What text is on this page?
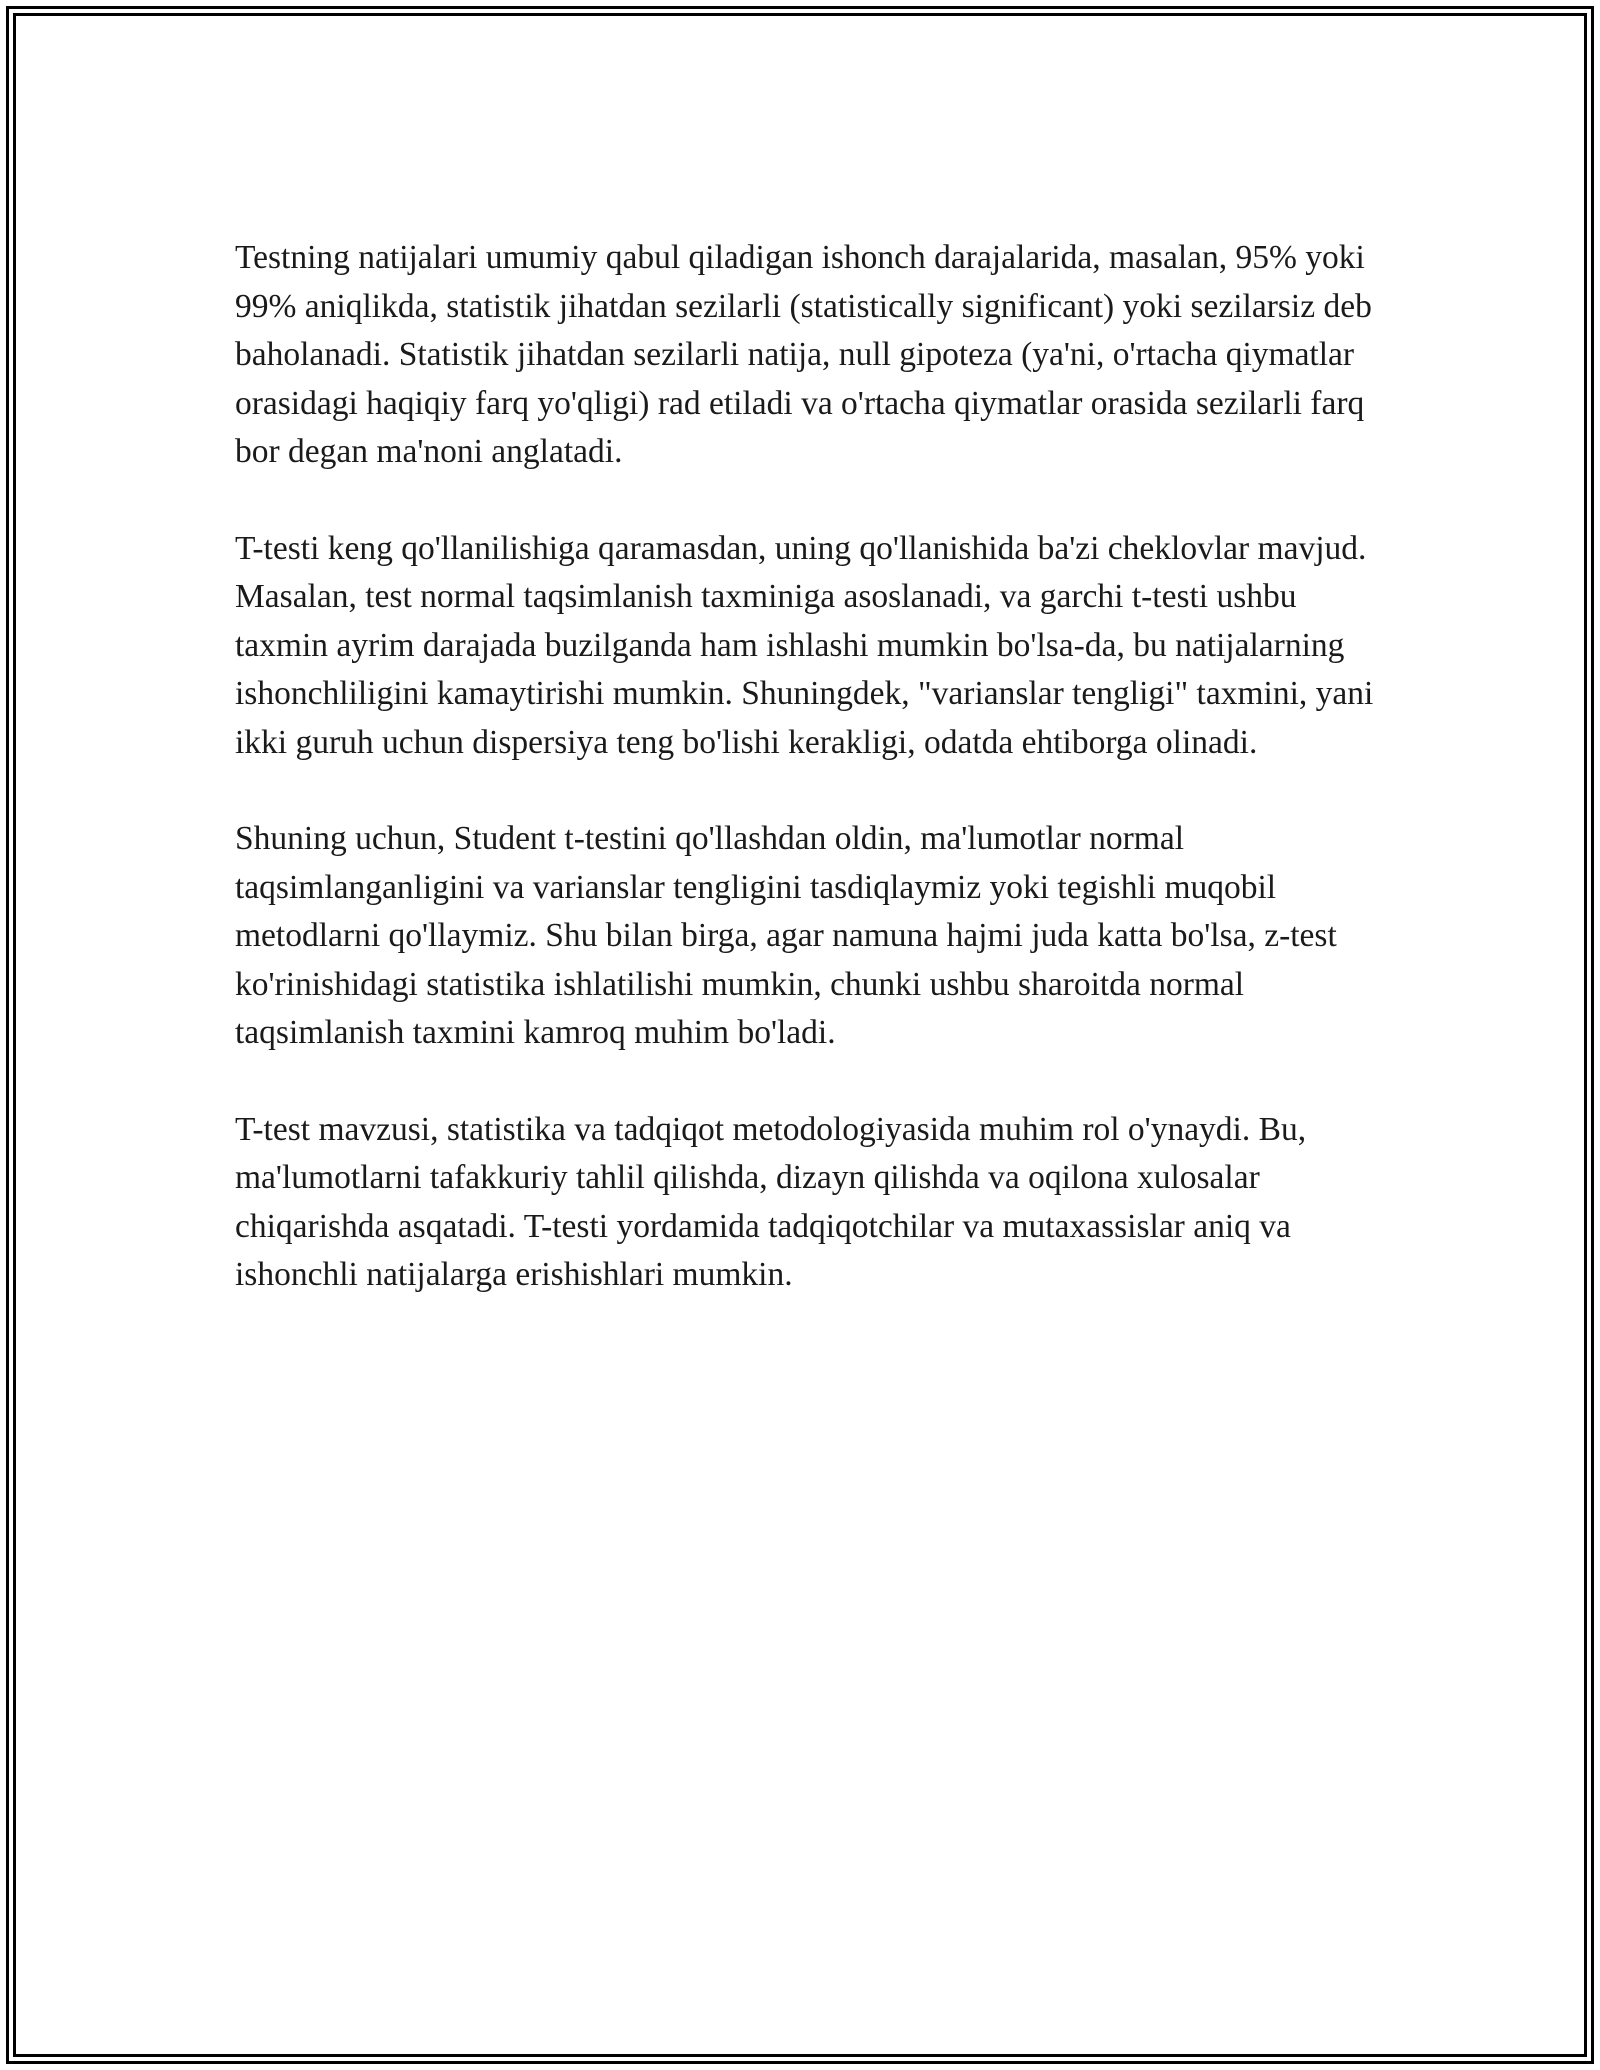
Testning natijalari umumiy qabul qiladigan ishonch darajalarida, masalan, 95% yoki 99% aniqlikda, statistik jihatdan sezilarli (statistically significant) yoki sezilarsiz deb baholanadi. Statistik jihatdan sezilarli natija, null gipoteza (ya'ni, o'rtacha qiymatlar orasidagi haqiqiy farq yo'qligi) rad etiladi va o'rtacha qiymatlar orasida sezilarli farq bor degan ma'noni anglatadi.

T-testi keng qo'llanilishiga qaramasdan, uning qo'llanishida ba'zi cheklovlar mavjud. Masalan, test normal taqsimlanish taxminiga asoslanadi, va garchi t-testi ushbu taxmin ayrim darajada buzilganda ham ishlashi mumkin bo'lsa-da, bu natijalarning ishonchliligini kamaytirishi mumkin. Shuningdek, "varianslar tengligi" taxmini, yani ikki guruh uchun dispersiya teng bo'lishi kerakligi, odatda ehtiborga olinadi.

Shuning uchun, Student t-testini qo'llashdan oldin, ma'lumotlar normal taqsimlanganligini va varianslar tengligini tasdiqlaymiz yoki tegishli muqobil metodlarni qo'llaymiz. Shu bilan birga, agar namuna hajmi juda katta bo'lsa, z-test ko'rinishidagi statistika ishlatilishi mumkin, chunki ushbu sharoitda normal taqsimlanish taxmini kamroq muhim bo'ladi.

T-test mavzusi, statistika va tadqiqot metodologiyasida muhim rol o'ynaydi. Bu, ma'lumotlarni tafakkuriy tahlil qilishda, dizayn qilishda va oqilona xulosalar chiqarishda asqatadi. T-testi yordamida tadqiqotchilar va mutaxassislar aniq va ishonchli natijalarga erishishlari mumkin.
